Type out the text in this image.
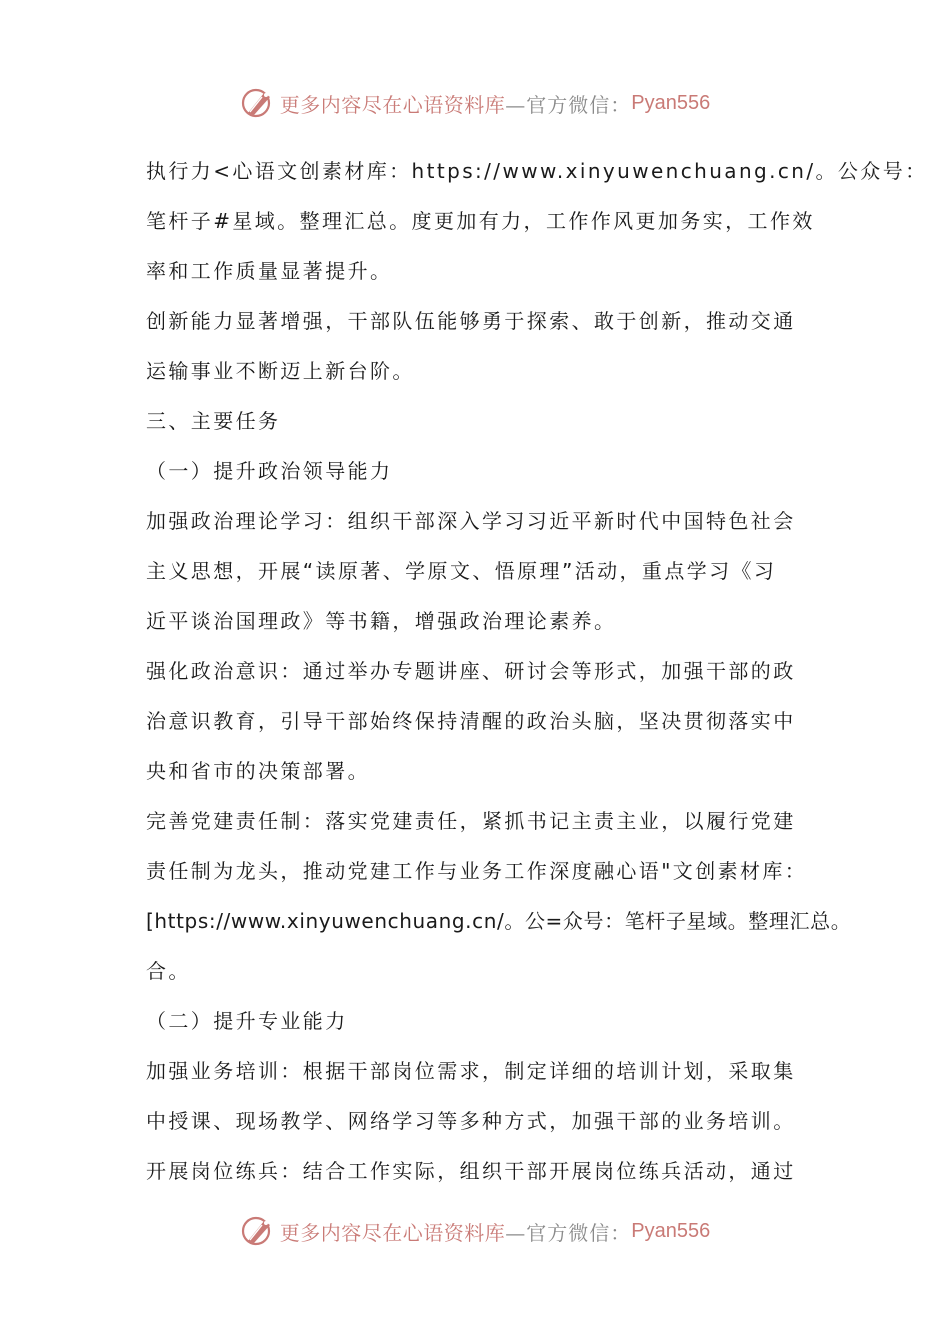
更多内容尽在心语资料库 —官方微信： Pyan556
执行力<心语文创素材库：https://www.xinyuwenchuang.cn/。公众号：
笔杆子#星域。整理汇总。度更加有力，工作作风更加务实，工作效
率和工作质量显著提升。
创新能力显著增强，干部队伍能够勇于探索、敢于创新，推动交通
运输事业不断迈上新台阶。
三、主要任务
（一）提升政治领导能力
加强政治理论学习：组织干部深入学习习近平新时代中国特色社会
主义思想，开展“读原著、学原文、悟原理”活动，重点学习《习
近平谈治国理政》等书籍，增强政治理论素养。
强化政治意识：通过举办专题讲座、研讨会等形式，加强干部的政
治意识教育，引导干部始终保持清醒的政治头脑，坚决贯彻落实中
央和省市的决策部署。
完善党建责任制：落实党建责任，紧抓书记主责主业，以履行党建
责任制为龙头，推动党建工作与业务工作深度融心语"文创素材库：
[https://www.xinyuwenchuang.cn/。公=众号：笔杆子星域。整理汇总。
合。
（二）提升专业能力
加强业务培训：根据干部岗位需求，制定详细的培训计划，采取集
中授课、现场教学、网络学习等多种方式，加强干部的业务培训。
开展岗位练兵：结合工作实际，组织干部开展岗位练兵活动，通过
更多内容尽在心语资料库 —官方微信： Pyan556
